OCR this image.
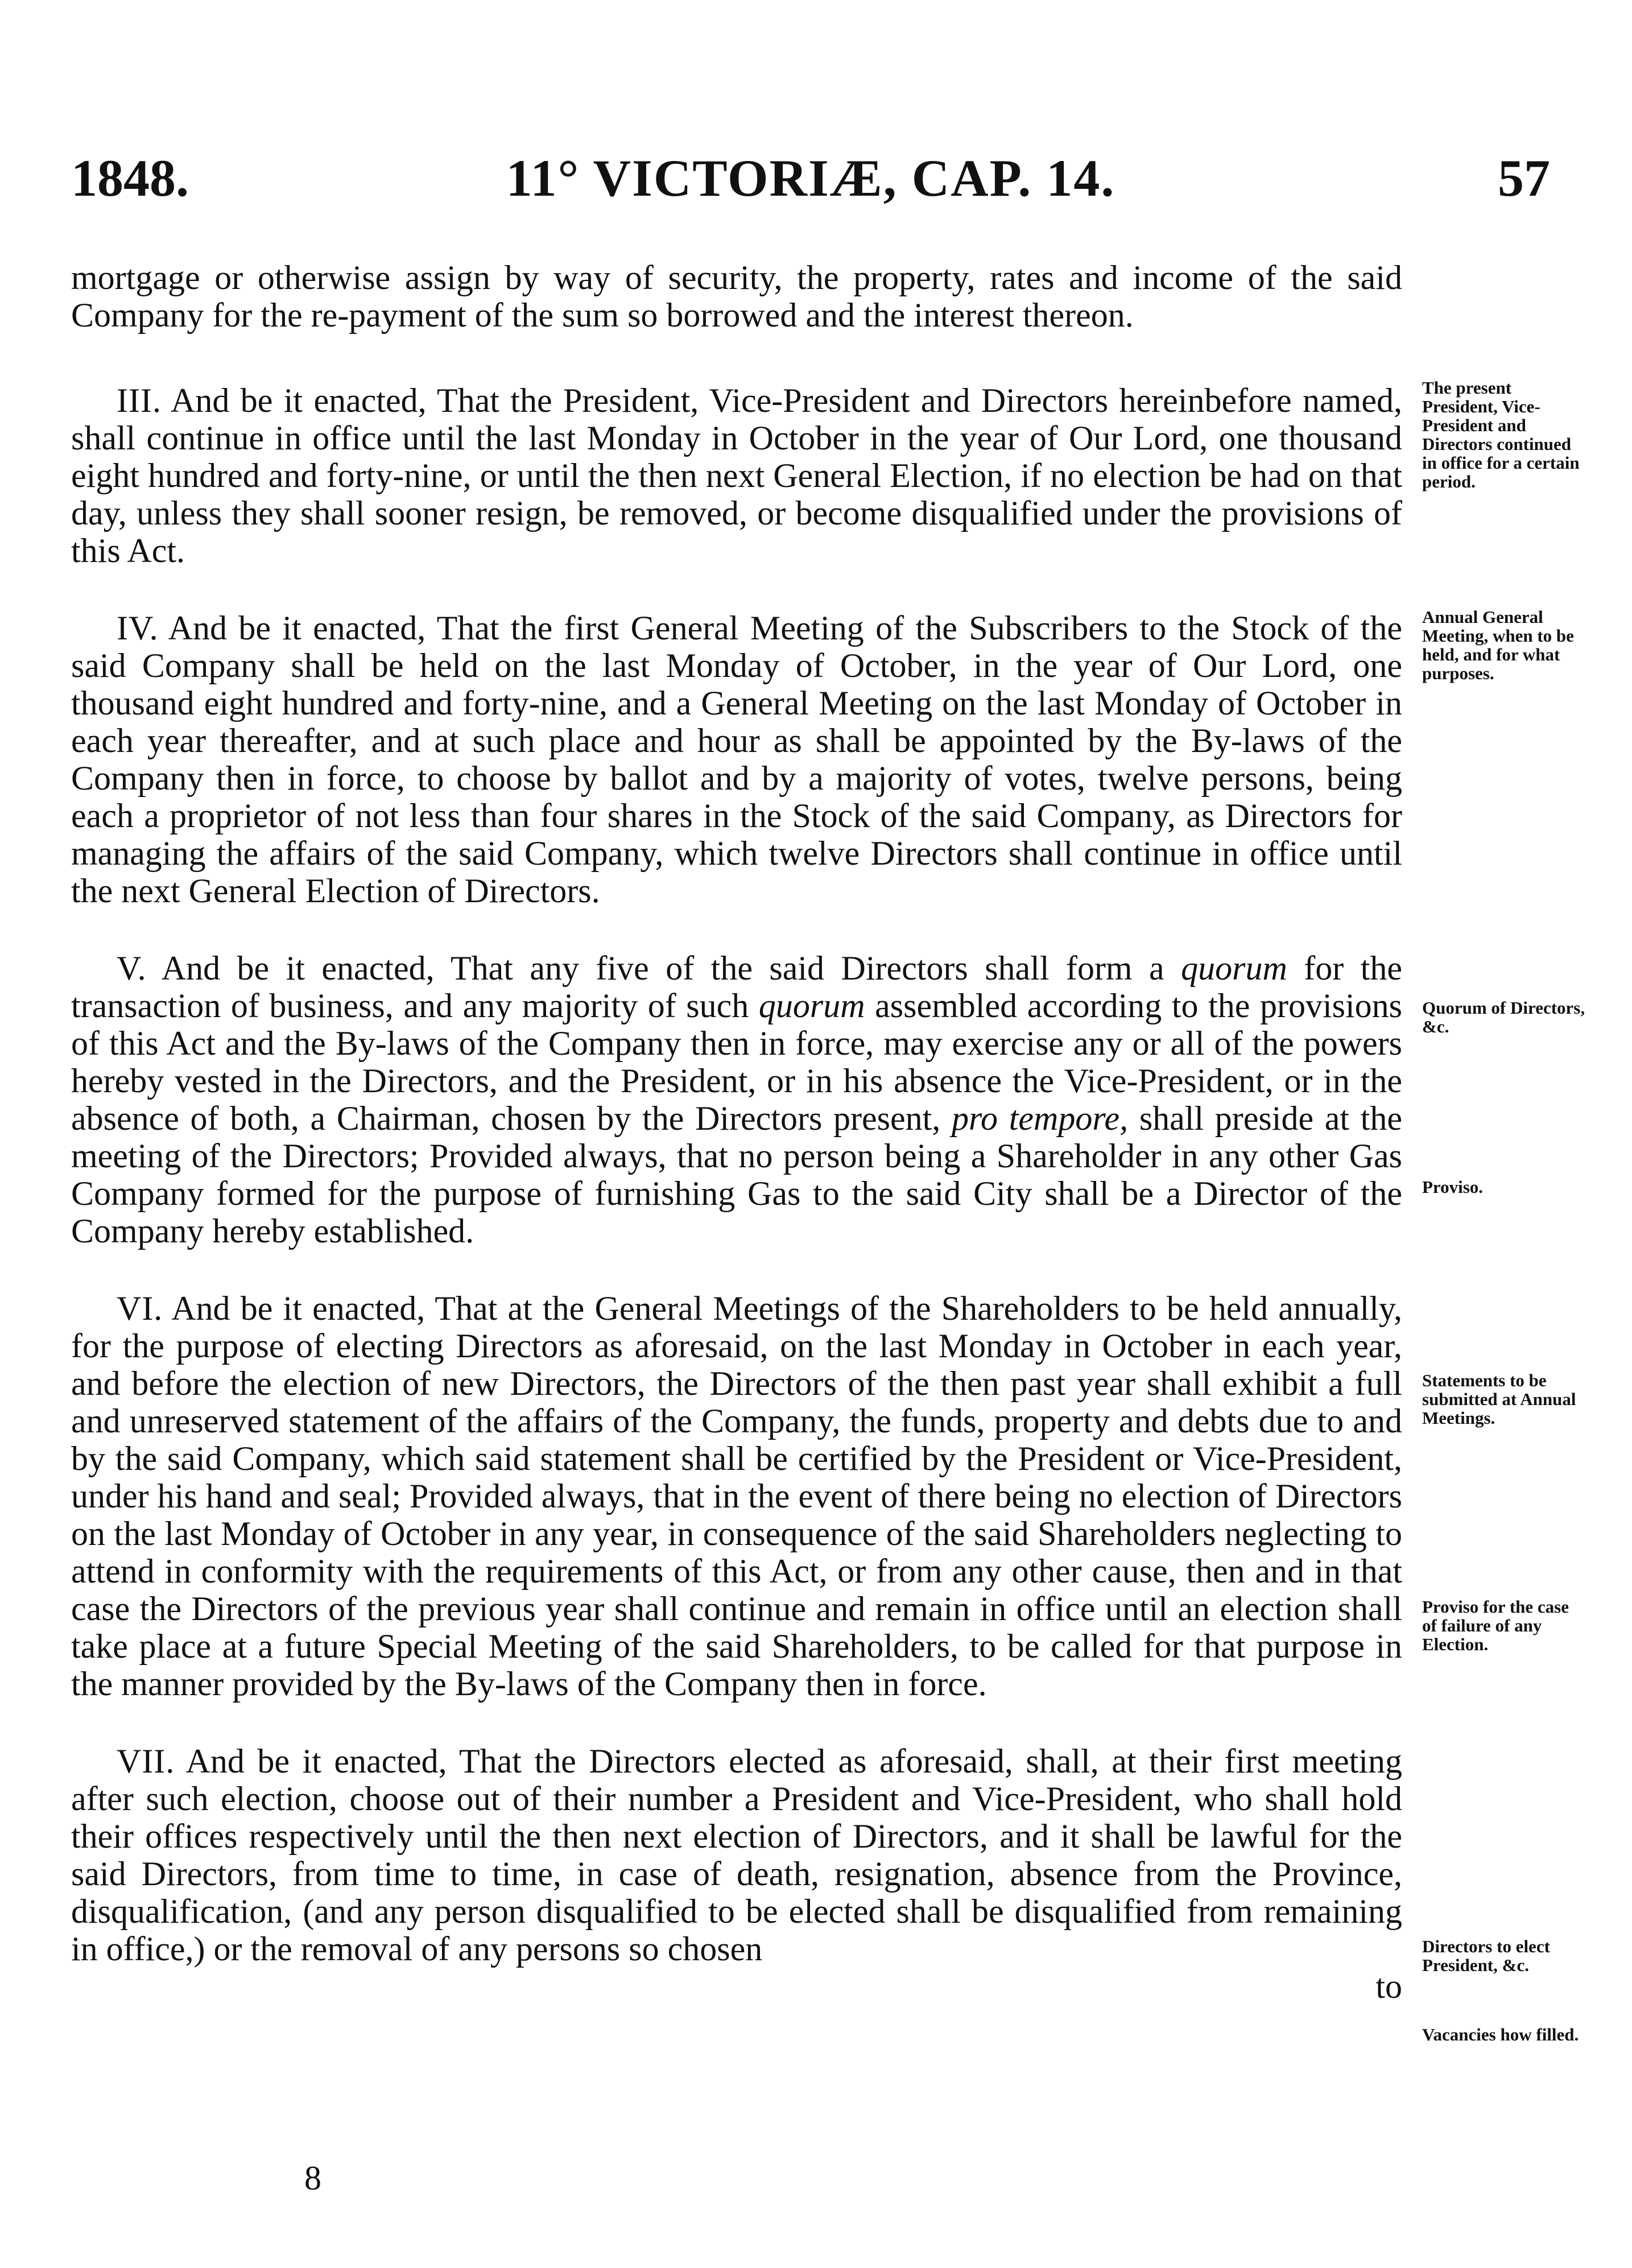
1848.	11° VICTORIÆ, CAP. 14.	57

mortgage or otherwise assign by way of security, the property, rates and income of the said Company for the re-payment of the sum so borrowed and the interest thereon.

III. And be it enacted, That the President, Vice-President and Directors hereinbefore named, shall continue in office until the last Monday in October in the year of Our Lord, one thousand eight hundred and forty-nine, or until the then next General Election, if no election be had on that day, unless they shall sooner resign, be removed, or become disqualified under the provisions of this Act.

IV. And be it enacted, That the first General Meeting of the Subscribers to the Stock of the said Company shall be held on the last Monday of October, in the year of Our Lord, one thousand eight hundred and forty-nine, and a General Meeting on the last Monday of October in each year thereafter, and at such place and hour as shall be appointed by the By-laws of the Company then in force, to choose by ballot and by a majority of votes, twelve persons, being each a proprietor of not less than four shares in the Stock of the said Company, as Directors for managing the affairs of the said Company, which twelve Directors shall continue in office until the next General Election of Directors.

V. And be it enacted, That any five of the said Directors shall form a quorum for the transaction of business, and any majority of such quorum assembled according to the provisions of this Act and the By-laws of the Company then in force, may exercise any or all of the powers hereby vested in the Directors, and the President, or in his absence the Vice-President, or in the absence of both, a Chairman, chosen by the Directors present, pro tempore, shall preside at the meeting of the Directors; Provided always, that no person being a Shareholder in any other Gas Company formed for the purpose of furnishing Gas to the said City shall be a Director of the Company hereby established.

VI. And be it enacted, That at the General Meetings of the Shareholders to be held annually, for the purpose of electing Directors as aforesaid, on the last Monday in October in each year, and before the election of new Directors, the Directors of the then past year shall exhibit a full and unreserved statement of the affairs of the Company, the funds, property and debts due to and by the said Company, which said statement shall be certified by the President or Vice-President, under his hand and seal; Provided always, that in the event of there being no election of Directors on the last Monday of October in any year, in consequence of the said Shareholders neglecting to attend in conformity with the requirements of this Act, or from any other cause, then and in that case the Directors of the previous year shall continue and remain in office until an election shall take place at a future Special Meeting of the said Shareholders, to be called for that purpose in the manner provided by the By-laws of the Company then in force.

VII. And be it enacted, That the Directors elected as aforesaid, shall, at their first meeting after such election, choose out of their number a President and Vice-President, who shall hold their offices respectively until the then next election of Directors, and it shall be lawful for the said Directors, from time to time, in case of death, resignation, absence from the Province, disqualification, (and any person disqualified to be elected shall be disqualified from remaining in office,) or the removal of any persons so chosen
to

The present President, Vice-President and Directors continued in office for a certain period.
Annual General Meeting, when to be held, and for what purposes.
Quorum of Directors, &c.
Proviso.
Statements to be submitted at Annual Meetings.
Proviso for the case of failure of any Election.
Directors to elect President, &c.
Vacancies how filled.
8
